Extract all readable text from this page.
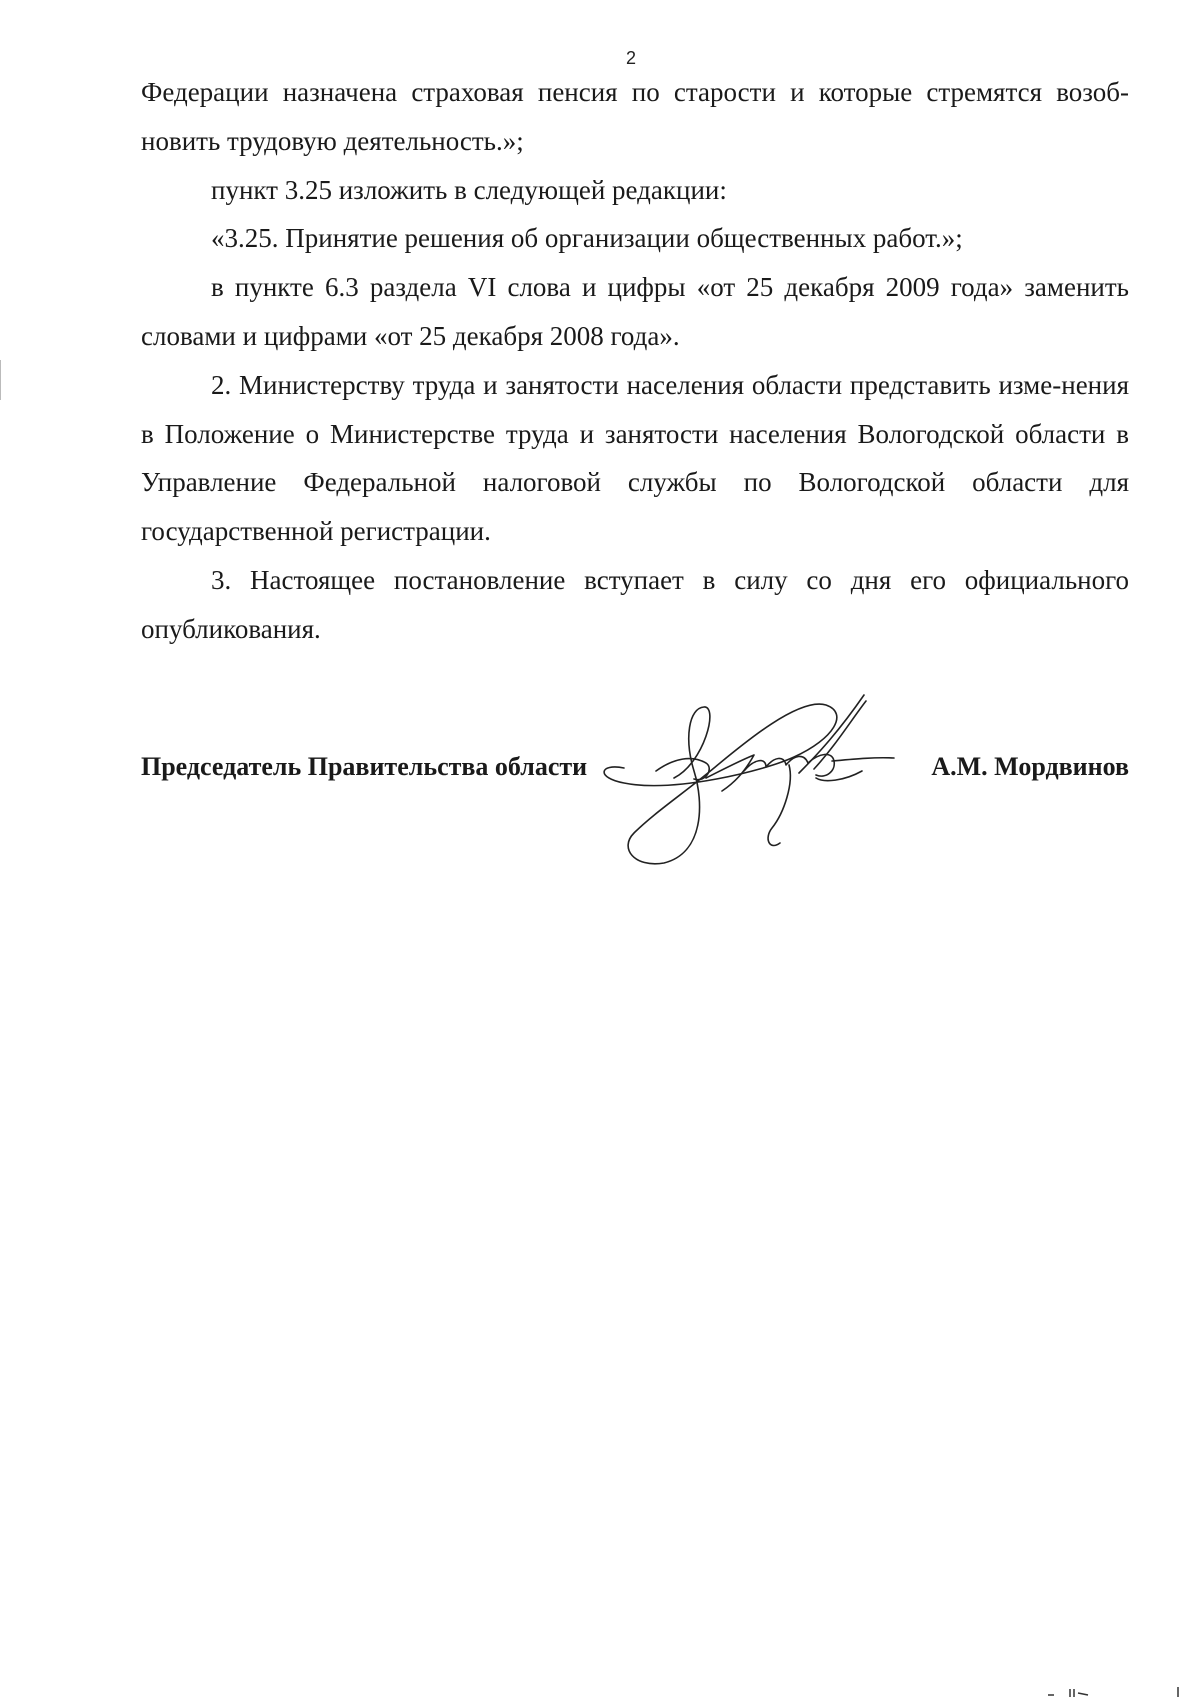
2

Федерации назначена страховая пенсия по старости и которые стремятся возоб-новить трудовую деятельность.»;

пункт 3.25 изложить в следующей редакции:

«3.25. Принятие решения об организации общественных работ.»;

в пункте 6.3 раздела VI слова и цифры «от 25 декабря 2009 года» заменить словами и цифрами «от 25 декабря 2008 года».

2. Министерству труда и занятости населения области представить изме-нения в Положение о Министерстве труда и занятости населения Вологодской области в Управление Федеральной налоговой службы по Вологодской области для государственной регистрации.

3. Настоящее постановление вступает в силу со дня его официального опубликования.

Председатель Правительства области	А.М. Мордвинов
